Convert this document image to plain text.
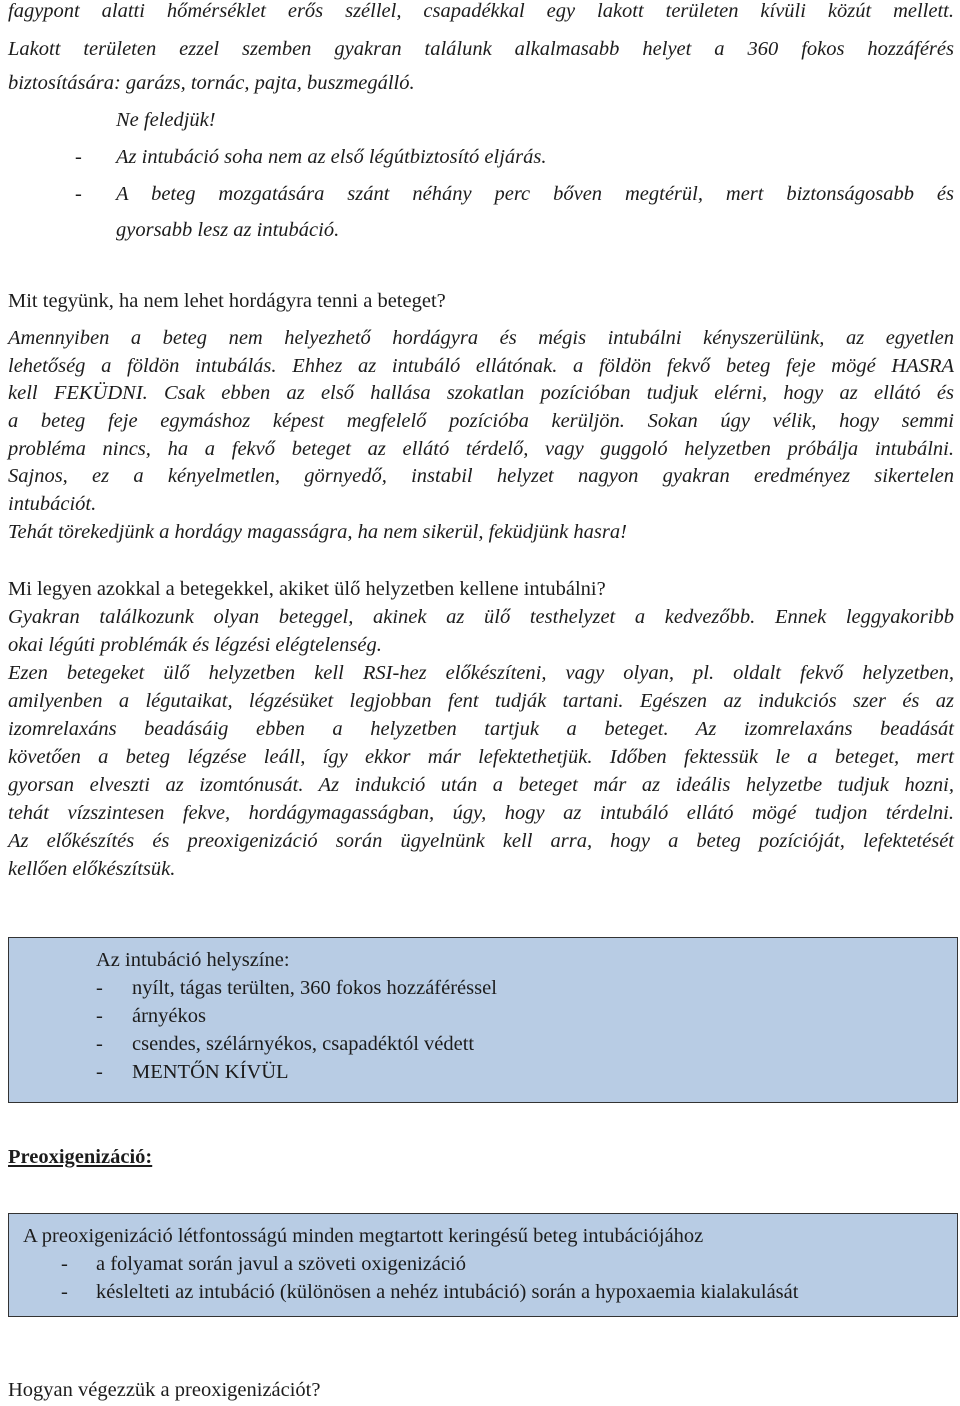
fagypont alatti hőmérséklet erős széllel, csapadékkal egy lakott területen kívüli közút mellett.
Lakott területen ezzel szemben gyakran találunk alkalmasabb helyet a 360 fokos hozzáférés
biztosítására: garázs, tornác, pajta, buszmegálló.
Ne feledjük!
- Az intubáció soha nem az első légútbiztosító eljárás.
- A beteg mozgatására szánt néhány perc bőven megtérül, mert biztonságosabb és
gyorsabb lesz az intubáció.
Mit tegyünk, ha nem lehet hordágyra tenni a beteget?
Amennyiben a beteg nem helyezhető hordágyra és mégis intubálni kényszerülünk, az egyetlen
lehetőség a földön intubálás. Ehhez az intubáló ellátónak. a földön fekvő beteg feje mögé HASRA
kell FEKÜDNI. Csak ebben az első hallása szokatlan pozícióban tudjuk elérni, hogy az ellátó és
a beteg feje egymáshoz képest megfelelő pozícióba kerüljön. Sokan úgy vélik, hogy semmi
probléma nincs, ha a fekvő beteget az ellátó térdelő, vagy guggoló helyzetben próbálja intubálni.
Sajnos, ez a kényelmetlen, görnyedő, instabil helyzet nagyon gyakran eredményez sikertelen
intubációt.
Tehát törekedjünk a hordágy magasságra, ha nem sikerül, feküdjünk hasra!
Mi legyen azokkal a betegekkel, akiket ülő helyzetben kellene intubálni?
Gyakran találkozunk olyan beteggel, akinek az ülő testhelyzet a kedvezőbb. Ennek leggyakoribb
okai légúti problémák és légzési elégtelenség.
Ezen betegeket ülő helyzetben kell RSI-hez előkészíteni, vagy olyan, pl. oldalt fekvő helyzetben,
amilyenben a légutaikat, légzésüket legjobban fent tudják tartani. Egészen az indukciós szer és az
izomrelaxáns beadásáig ebben a helyzetben tartjuk a beteget. Az izomrelaxáns beadását
követően a beteg légzése leáll, így ekkor már lefektethetjük. Időben fektessük le a beteget, mert
gyorsan elveszti az izomtónusát. Az indukció után a beteget már az ideális helyzetbe tudjuk hozni,
tehát vízszintesen fekve, hordágymagasságban, úgy, hogy az intubáló ellátó mögé tudjon térdelni.
Az előkészítés és preoxigenizáció során ügyelnünk kell arra, hogy a beteg pozícióját, lefektetését
kellően előkészítsük.
Az intubáció helyszíne:
- nyílt, tágas terülten, 360 fokos hozzáféréssel
- árnyékos
- csendes, szélárnyékos, csapadéktól védett
- MENTŐN KÍVÜL
Preoxigenizáció:
A preoxigenizáció létfontosságú minden megtartott keringésű beteg intubációjához
- a folyamat során javul a szöveti oxigenizáció
- késlelteti az intubáció (különösen a nehéz intubáció) során a hypoxaemia kialakulását
Hogyan végezzük a preoxigenizációt?
